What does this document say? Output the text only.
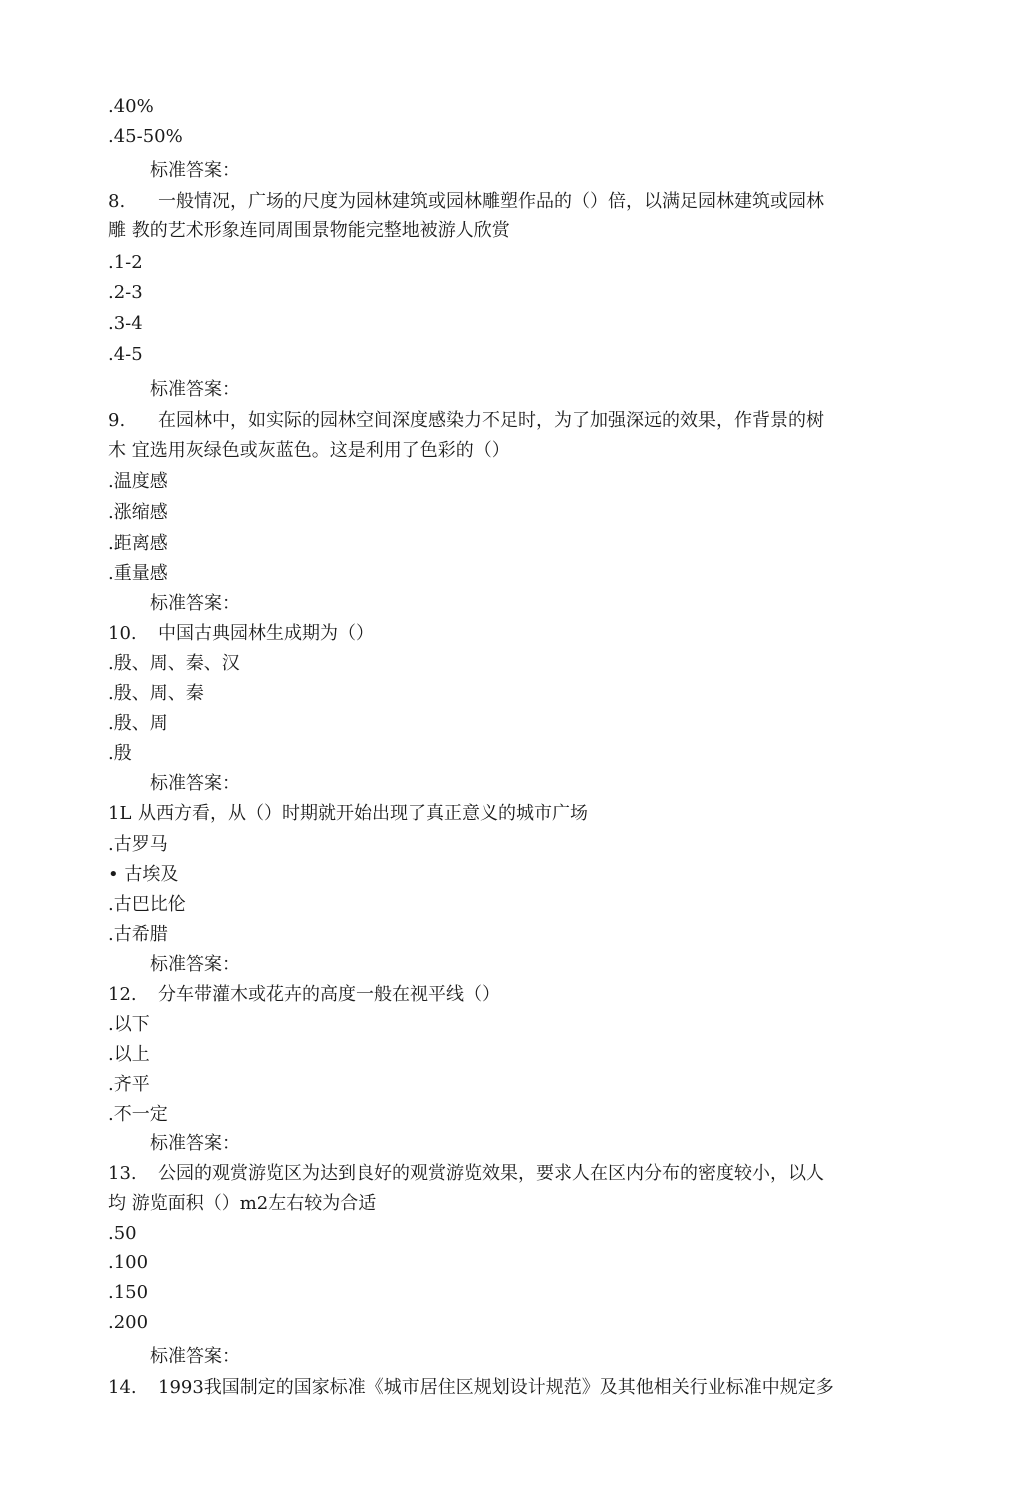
.40%
.45-50%
标准答案：
8. 一般情况，广场的尺度为园林建筑或园林雕塑作品的（）倍，以满足园林建筑或园林
雕 教的艺术形象连同周围景物能完整地被游人欣赏
.1-2
.2-3
.3-4
.4-5
标准答案：
9. 在园林中，如实际的园林空间深度感染力不足时，为了加强深远的效果，作背景的树
木 宜选用灰绿色或灰蓝色。这是利用了色彩的（）
.温度感
.涨缩感
.距离感
.重量感
标准答案：
10. 中国古典园林生成期为（）
.殷、周、秦、汉
.殷、周、秦
.殷、周
.殷
标准答案：
1L 从西方看，从（）时期就开始出现了真正意义的城市广场
.古罗马
• 古埃及
.古巴比伦
.古希腊
标准答案：
12. 分车带灌木或花卉的高度一般在视平线（）
.以下
.以上
.齐平
.不一定
标准答案：
13. 公园的观赏游览区为达到良好的观赏游览效果，要求人在区内分布的密度较小，以人
均 游览面积（）m2左右较为合适
.50
.100
.150
.200
标准答案：
14. 1993我国制定的国家标准《城市居住区规划设计规范》及其他相关行业标准中规定多
